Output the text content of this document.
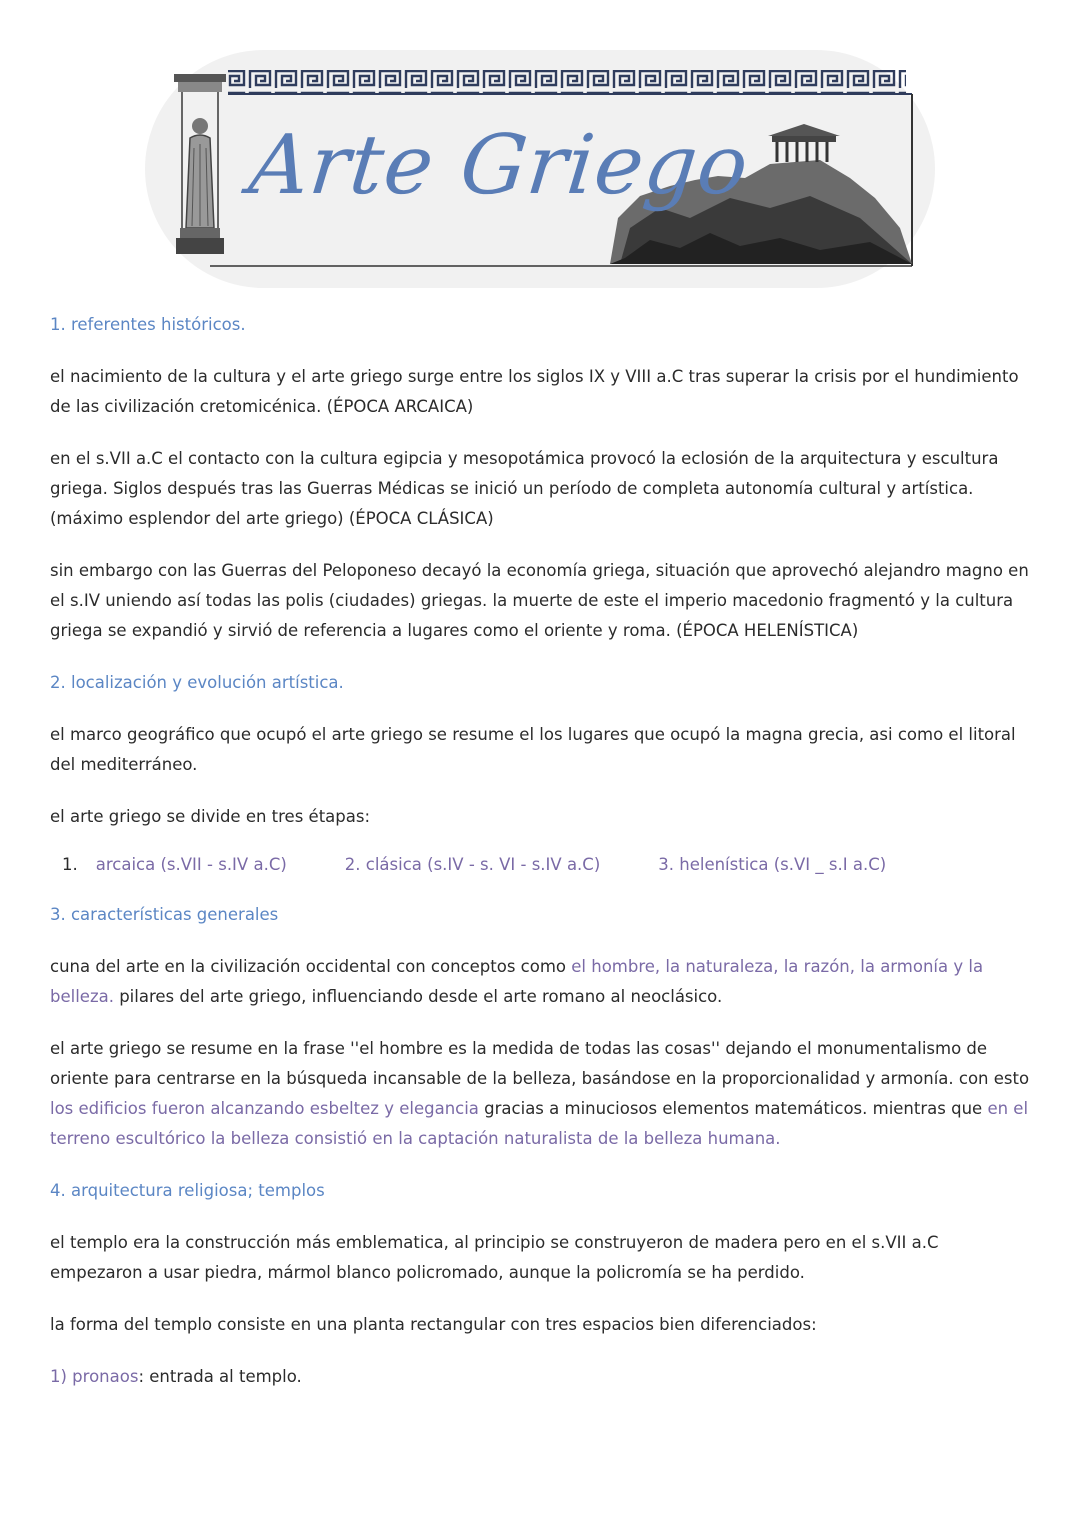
Arte Griego
1. referentes históricos.
el nacimiento de la cultura y el arte griego surge entre los siglos IX y VIII a.C tras superar la crisis por el hundimiento de las civilización cretomicénica. (ÉPOCA ARCAICA)
en el s.VII a.C el contacto con la cultura egipcia y mesopotámica provocó la eclosión de la arquitectura y escultura griega. Siglos después tras las Guerras Médicas se inició un período de completa autonomía cultural y artística. (máximo esplendor del arte griego) (ÉPOCA CLÁSICA)
sin embargo con las Guerras del Peloponeso decayó la economía griega, situación que aprovechó alejandro magno en el s.IV uniendo así todas las polis (ciudades) griegas. la muerte de este el imperio macedonio fragmentó y la cultura griega se expandió y sirvió de referencia a lugares como el oriente y roma. (ÉPOCA HELENÍSTICA)
2. localización y evolución artística.
el marco geográfico que ocupó el arte griego se resume el los lugares que ocupó la magna grecia, asi como el litoral del mediterráneo.
el arte griego se divide en tres étapas:
1. arcaica (s.VII - s.IV a.C)	2. clásica (s.IV - s. VI - s.IV a.C)	3. helenística (s.VI _ s.I a.C)
3. características generales
cuna del arte en la civilización occidental con conceptos como el hombre, la naturaleza, la razón, la armonía y la belleza. pilares del arte griego, influenciando desde el arte romano al neoclásico.
el arte griego se resume en la frase ''el hombre es la medida de todas las cosas'' dejando el monumentalismo de oriente para centrarse en la búsqueda incansable de la belleza, basándose en la proporcionalidad y armonía. con esto los edificios fueron alcanzando esbeltez y elegancia gracias a minuciosos elementos matemáticos. mientras que en el terreno escultórico la belleza consistió en la captación naturalista de la belleza humana.
4. arquitectura religiosa; templos
el templo era la construcción más emblematica, al principio se construyeron de madera pero en el s.VII a.C empezaron a usar piedra, mármol blanco policromado, aunque la policromía se ha perdido.
la forma del templo consiste en una planta rectangular con tres espacios bien diferenciados:
1) pronaos: entrada al templo.
